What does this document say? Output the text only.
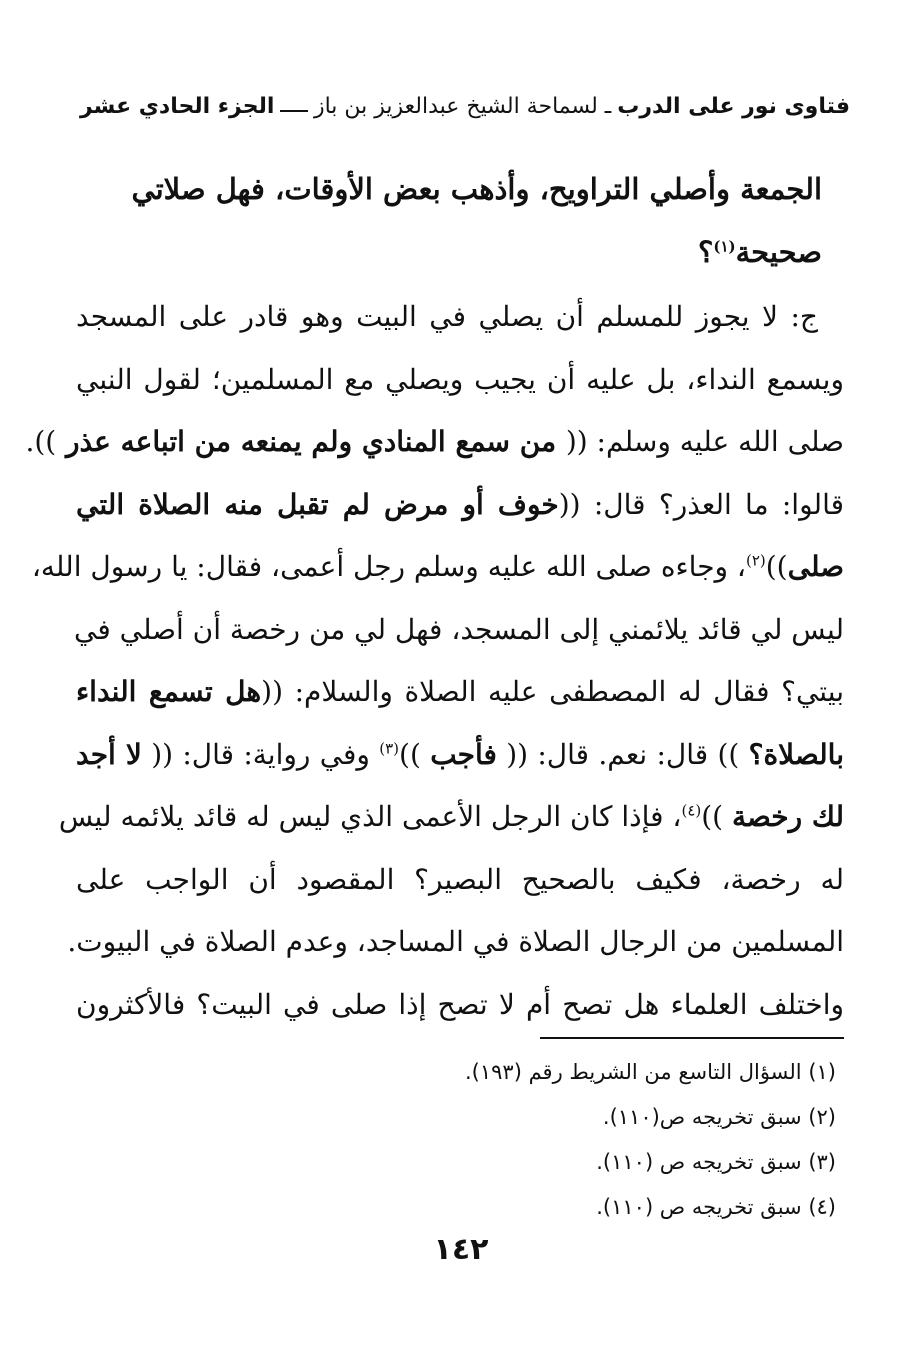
فتاوى نور على الدرب
ـ لسماحة الشيخ عبدالعزيز بن باز
الجزء الحادي عشر

الجمعة وأصلي التراويح، وأذهب بعض الأوقات، فهل صلاتي

صحيحة$^{(١)}$؟

ج: لا يجوز للمسلم أن يصلي في البيت وهو قادر على المسجد
ويسمع النداء، بل عليه أن يجيب ويصلي مع المسلمين؛ لقول النبي
صلى الله عليه وسلم: (( من سمع المنادي ولم يمنعه من اتباعه عذر )).
قالوا: ما العذر؟ قال: ((خوف أو مرض لم تقبل منه الصلاة التي
صلى))$^{(٢)}$، وجاءه صلى الله عليه وسلم رجل أعمى، فقال: يا رسول الله،
ليس لي قائد يلائمني إلى المسجد، فهل لي من رخصة أن أصلي في
بيتي؟ فقال له المصطفى عليه الصلاة والسلام: ((هل تسمع النداء
بالصلاة؟ )) قال: نعم. قال: (( فأجب ))$^{(٣)}$ وفي رواية: قال: (( لا أجد
لك رخصة ))$^{(٤)}$، فإذا كان الرجل الأعمى الذي ليس له قائد يلائمه ليس
له رخصة، فكيف بالصحيح البصير؟ المقصود أن الواجب على
المسلمين من الرجال الصلاة في المساجد، وعدم الصلاة في البيوت.
واختلف العلماء هل تصح أم لا تصح إذا صلى في البيت؟ فالأكثرون
(١) السؤال التاسع من الشريط رقم (١٩٣).
(٢) سبق تخريجه ص(١١٠).
(٣) سبق تخريجه ص (١١٠).
(٤) سبق تخريجه ص (١١٠).
١٤٢
